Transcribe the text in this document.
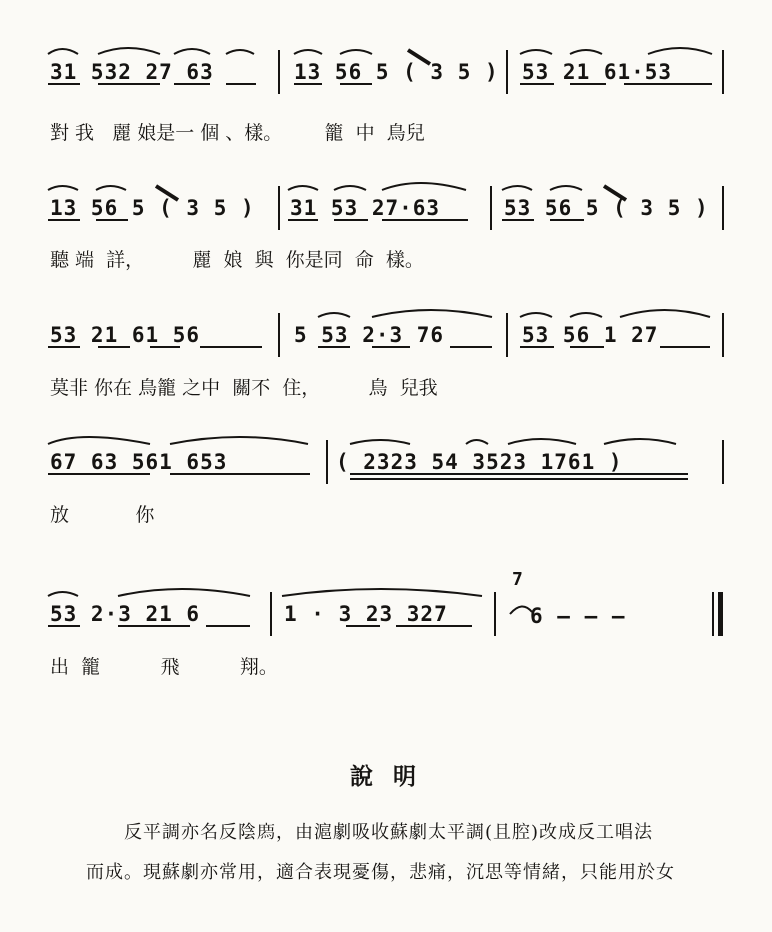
31 532 27 63	13 56 5 ( 3 5 ) 53 21 61·53
對 我   麗 娘是一 個 、樣。       籠  中  鳥兒
13 56 5 ( 3 5 ) 31 53 27·63	53 56 5 ( 3 5 )
聽 端  詳，        麗  娘  與  你是同  命  樣。
53 21 61 56	5 53 2·3 76	53 56 1 27
莫非 你在 鳥籠 之中  關不  住，        鳥  兒我
67 63 561 653	( 2323 54 3523 1761 )
放           你
53 2·3 21 6	1 · 3 23 327
7
6 — — —
出  籠          飛          翔。
說 明
反平調亦名反陰𢊁，由滬劇吸收蘇劇太平調(且腔)改成反工唱法
而成。現蘇劇亦常用，適合表現憂傷，悲痛，沉思等情緒，只能用於女
